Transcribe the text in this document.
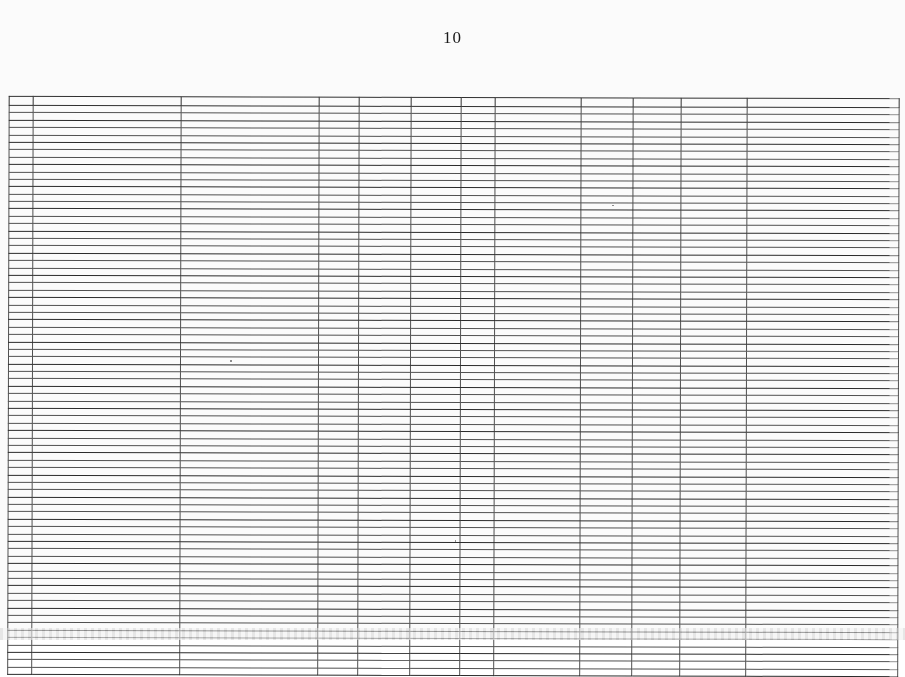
10
